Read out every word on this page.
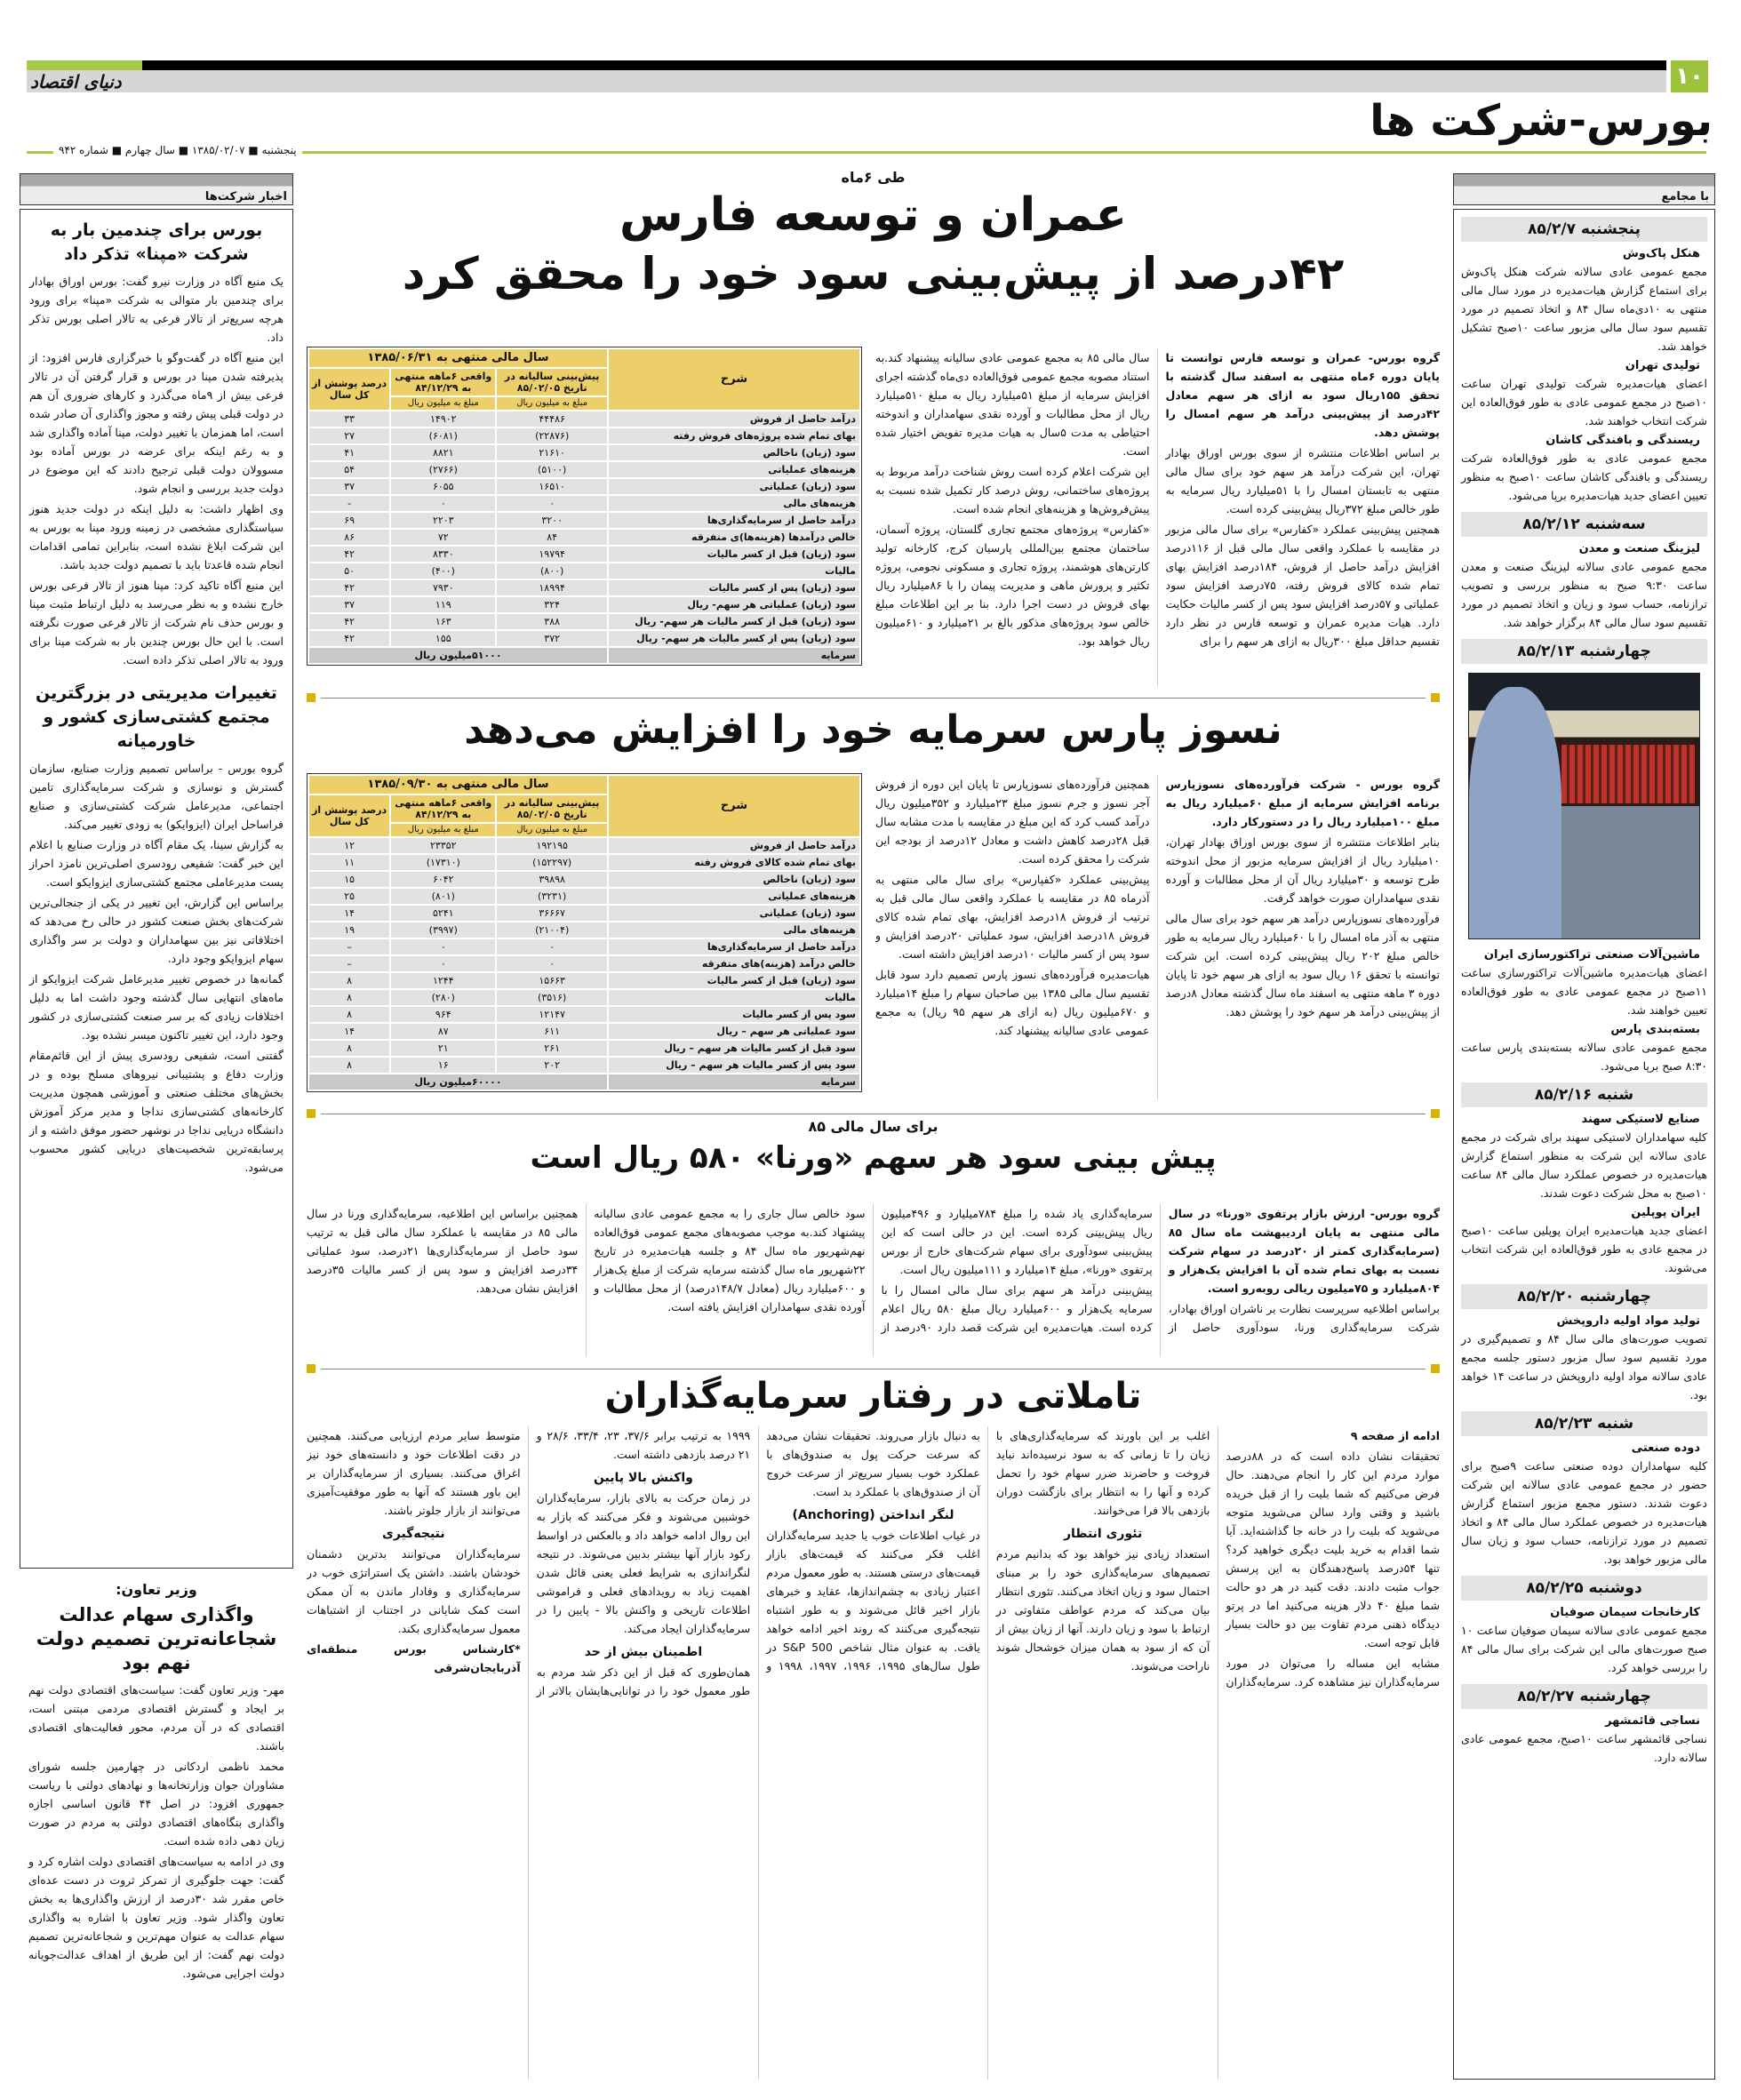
۱۰
دنیای اقتصاد
بورس-شرکت ها
پنجشنبه ■ ۱۳۸۵/۰۲/۰۷ ■ سال چهارم ■ شماره ۹۴۲
با مجامع
پنجشنبه ۸۵/۲/۷
هنکل پاک‌وش
مجمع عمومی عادی سالانه شرکت هنکل پاک‌وش برای استماع گزارش هیات‌مدیره در مورد سال مالی منتهی به ۱۰دی‌ماه سال ۸۴ و اتخاذ تصمیم در مورد تقسیم سود سال مالی مزبور ساعت ۱۰صبح تشکیل خواهد شد.
تولیدی تهران
اعضای هیات‌مدیره شرکت تولیدی تهران ساعت ۱۰صبح در مجمع عمومی عادی به طور فوق‌العاده این شرکت انتخاب خواهند شد.
ریسندگی و بافندگی کاشان
مجمع عمومی عادی به طور فوق‌العاده شرکت ریسندگی و بافندگی کاشان ساعت ۱۰صبح به منظور تعیین اعضای جدید هیات‌مدیره برپا می‌شود.
سه‌شنبه ۸۵/۲/۱۲
لیزینگ صنعت و معدن
مجمع عمومی عادی سالانه لیزینگ صنعت و معدن ساعت ۹:۳۰ صبح به منظور بررسی و تصویب ترازنامه، حساب سود و زیان و اتخاذ تصمیم در مورد تقسیم سود سال مالی ۸۴ برگزار خواهد شد.
چهارشنبه ۸۵/۲/۱۳
ماشین‌آلات صنعتی تراکتورسازی ایران
اعضای هیات‌مدیره ماشین‌آلات تراکتورسازی ساعت ۱۱صبح در مجمع عمومی عادی به طور فوق‌العاده تعیین خواهند شد.
بسته‌بندی پارس
مجمع عمومی عادی سالانه بسته‌بندی پارس ساعت ۸:۳۰ صبح برپا می‌شود.
شنبه ۸۵/۲/۱۶
صنایع لاستیکی سهند
کلیه سهامداران لاستیکی سهند برای شرکت در مجمع عادی سالانه این شرکت به منظور استماع گزارش هیات‌مدیره در خصوص عملکرد سال مالی ۸۴ ساعت ۱۰صبح به محل شرکت دعوت شدند.
ایران پوپلین
اعضای جدید هیات‌مدیره ایران پوپلین ساعت ۱۰صبح در مجمع عادی به طور فوق‌العاده این شرکت انتخاب می‌شوند.
چهارشنبه ۸۵/۲/۲۰
تولید مواد اولیه داروپخش
تصویب صورت‌های مالی سال ۸۴ و تصمیم‌گیری در مورد تقسیم سود سال مزبور دستور جلسه مجمع عادی سالانه مواد اولیه داروپخش در ساعت ۱۴ خواهد بود.
شنبه ۸۵/۲/۲۳
دوده صنعتی
کلیه سهامداران دوده صنعتی ساعت ۹صبح برای حضور در مجمع عمومی عادی سالانه این شرکت دعوت شدند. دستور مجمع مزبور استماع گزارش هیات‌مدیره در خصوص عملکرد سال مالی ۸۴ و اتخاذ تصمیم در مورد ترازنامه، حساب سود و زیان سال مالی مزبور خواهد بود.
دوشنبه ۸۵/۲/۲۵
کارخانجات سیمان صوفیان
مجمع عمومی عادی سالانه سیمان صوفیان ساعت ۱۰ صبح صورت‌های مالی این شرکت برای سال مالی ۸۴ را بررسی خواهد کرد.
چهارشنبه ۸۵/۲/۲۷
نساجی قائمشهر
نساجی قائمشهر ساعت ۱۰صبح، مجمع عمومی عادی سالانه دارد.
اخبار شرکت‌ها
بورس برای چندمین بار به شرکت «مپنا» تذکر داد
یک منبع آگاه در وزارت نیرو گفت: بورس اوراق بهادار برای چندمین بار متوالی به شرکت «مپنا» برای ورود هرچه سریع‌تر از تالار فرعی به تالار اصلی بورس تذکر داد.
این منبع آگاه در گفت‌وگو با خبرگزاری فارس افزود: از پذیرفته شدن مپنا در بورس و قرار گرفتن آن در تالار فرعی بیش از ۹ماه می‌گذرد و کارهای ضروری آن هم در دولت قبلی پیش رفته و مجوز واگذاری آن صادر شده است، اما همزمان با تغییر دولت، مپنا آماده واگذاری شد و به رغم اینکه برای عرضه در بورس آماده بود مسوولان دولت قبلی ترجیح دادند که این موضوع در دولت جدید بررسی و انجام شود.
وی اظهار داشت: به دلیل اینکه در دولت جدید هنوز سیاستگذاری مشخصی در زمینه ورود مپنا به بورس به این شرکت ابلاغ نشده است، بنابراین تمامی اقدامات انجام شده قاعدتا باید با تصمیم دولت جدید باشد.
این منبع آگاه تاکید کرد: مپنا هنوز از تالار فرعی بورس خارج نشده و به نظر می‌رسد به دلیل ارتباط مثبت مپنا و بورس حذف نام شرکت از تالار فرعی صورت نگرفته است. با این حال بورس چندین بار به شرکت مپنا برای ورود به تالار اصلی تذکر داده است.
تغییرات مدیریتی در بزرگترین مجتمع کشتی‌سازی کشور و خاورمیانه
گروه بورس - براساس تصمیم وزارت صنایع، سازمان گسترش و نوسازی و شرکت سرمایه‌گذاری تامین اجتماعی، مدیرعامل شرکت کشتی‌سازی و صنایع فراساحل ایران (ایزوایکو) به زودی تغییر می‌کند.
به گزارش سینا، یک مقام آگاه در وزارت صنایع با اعلام این خبر گفت: شفیعی رودسری اصلی‌ترین نامزد احراز پست مدیرعاملی مجتمع کشتی‌سازی ایزوایکو است.
براساس این گزارش، این تغییر در یکی از جنجالی‌ترین شرکت‌های بخش صنعت کشور در حالی رخ می‌دهد که اختلافاتی نیز بین سهامداران و دولت بر سر واگذاری سهام ایزوایکو وجود دارد.
گمانه‌ها در خصوص تغییر مدیرعامل شرکت ایزوایکو از ماه‌های انتهایی سال گذشته وجود داشت اما به دلیل اختلافات زیادی که بر سر صنعت کشتی‌سازی در کشور وجود دارد، این تغییر تاکنون میسر نشده بود.
گفتنی است، شفیعی رودسری پیش از این قائم‌مقام وزارت دفاع و پشتیبانی نیروهای مسلح بوده و در بخش‌های مختلف صنعتی و آموزشی همچون مدیریت کارخانه‌های کشتی‌سازی نداجا و مدیر مرکز آموزش دانشگاه دریایی نداجا در نوشهر حضور موفق داشته و از پرسابقه‌ترین شخصیت‌های دریایی کشور محسوب می‌شود.
وزیر تعاون:
واگذاری سهام عدالت شجاعانه‌ترین تصمیم دولت نهم بود
مهر- وزیر تعاون گفت: سیاست‌های اقتصادی دولت نهم بر ایجاد و گسترش اقتصادی مردمی مبتنی است، اقتصادی که در آن مردم، محور فعالیت‌های اقتصادی باشند.
محمد ناظمی اردکانی در چهارمین جلسه شورای مشاوران جوان وزارتخانه‌ها و نهادهای دولتی با ریاست جمهوری افزود: در اصل ۴۴ قانون اساسی اجازه واگذاری بنگاه‌های اقتصادی دولتی به مردم در صورت زیان دهی داده شده است.
وی در ادامه به سیاست‌های اقتصادی دولت اشاره کرد و گفت: جهت جلوگیری از تمرکز ثروت در دست عده‌ای خاص مقرر شد ۳۰درصد از ارزش واگذاری‌ها به بخش تعاون واگذار شود. وزیر تعاون با اشاره به واگذاری سهام عدالت به عنوان مهم‌ترین و شجاعانه‌ترین تصمیم دولت نهم گفت: از این طریق از اهداف عدالت‌جویانه دولت اجرایی می‌شود.
طی ۶ماه
عمران و توسعه فارس
۴۲درصد از پیش‌بینی سود خود را محقق کرد
گروه بورس- عمران و توسعه فارس توانست تا پایان دوره ۶ماه منتهی به اسفند سال گذشته با تحقق ۱۵۵ریال سود به ازای هر سهم معادل ۴۲درصد از پیش‌بینی درآمد هر سهم امسال را پوشش دهد.
بر اساس اطلاعات منتشره از سوی بورس اوراق بهادار تهران، این شرکت درآمد هر سهم خود برای سال مالی منتهی به تابستان امسال را با ۵۱میلیارد ریال سرمایه به طور خالص مبلغ ۳۷۲ریال پیش‌بینی کرده است.
همچنین پیش‌بینی عملکرد «کفارس» برای سال مالی مزبور در مقایسه با عملکرد واقعی سال مالی قبل از ۱۱۶درصد افزایش درآمد حاصل از فروش، ۱۸۴درصد افزایش بهای تمام شده کالای فروش رفته، ۷۵درصد افزایش سود عملیاتی و ۵۷درصد افزایش سود پس از کسر مالیات حکایت دارد. هیات مدیره عمران و توسعه فارس در نظر دارد تقسیم حداقل مبلغ ۳۰۰ریال به ازای هر سهم را برای
سال مالی ۸۵ به مجمع عمومی عادی سالیانه پیشنهاد کند.به استناد مصوبه مجمع عمومی فوق‌العاده دی‌ماه گذشته اجرای افزایش سرمایه از مبلغ ۵۱میلیارد ریال به مبلغ ۵۱۰میلیارد ریال از محل مطالبات و آورده نقدی سهامداران و اندوخته احتیاطی به مدت ۵سال به هیات مدیره تفویض اختیار شده است.
این شرکت اعلام کرده است روش شناخت درآمد مربوط به پروژه‌های ساختمانی، روش درصد کار تکمیل شده نسبت به پیش‌فروش‌ها و هزینه‌های انجام شده است.
«کفارس» پروژه‌های مجتمع تجاری گلستان، پروژه آسمان، ساختمان مجتمع بین‌المللی پارسیان کرج، کارخانه تولید کارتن‌های هوشمند، پروژه تجاری و مسکونی نجومی، پروژه تکثیر و پرورش ماهی و مدیریت پیمان را با ۸۶میلیارد ریال بهای فروش در دست اجرا دارد. بنا بر این اطلاعات مبلغ خالص سود پروژه‌های مذکور بالغ بر ۲۱میلیارد و ۶۱۰میلیون ریال خواهد بود.
شرح	سال مالی منتهی به ۱۳۸۵/۰۶/۳۱		
	پیش‌بینی سالیانه در تاریخ ۸۵/۰۲/۰۵	واقعی ۶ماهه منتهی به ۸۴/۱۲/۲۹	درصد پوشش از کل سال
	مبلغ به میلیون ریال	مبلغ به میلیون ریال	
درآمد حاصل از فروش	۴۴۴۸۶	۱۴۹۰۲	۳۳
بهای تمام شده پروژه‌های فروش رفته	(۲۲۸۷۶)	(۶۰۸۱)	۲۷
سود (زیان) ناخالص	۲۱۶۱۰	۸۸۲۱	۴۱
هزینه‌های عملیاتی	(۵۱۰۰)	(۲۷۶۶)	۵۴
سود (زیان) عملیاتی	۱۶۵۱۰	۶۰۵۵	۳۷
هزینه‌های مالی	۰	۰	-
درآمد حاصل از سرمایه‌گذاری‌ها	۳۲۰۰	۲۲۰۳	۶۹
خالص درآمدها (هزینه‌ها)ی متفرقه	۸۴	۷۲	۸۶
سود (زیان) قبل از کسر مالیات	۱۹۷۹۴	۸۳۳۰	۴۲
مالیات	(۸۰۰)	(۴۰۰)	۵۰
سود (زیان) پس از کسر مالیات	۱۸۹۹۴	۷۹۳۰	۴۲
سود (زیان) عملیاتی هر سهم- ریال	۳۲۴	۱۱۹	۳۷
سود (زیان) قبل از کسر مالیات هر سهم- ریال	۳۸۸	۱۶۳	۴۲
سود (زیان) پس از کسر مالیات هر سهم- ریال	۳۷۲	۱۵۵	۴۲
سرمایه	۵۱۰۰۰میلیون ریال		
نسوز پارس سرمایه خود را افزایش می‌دهد
گروه بورس - شرکت فرآورده‌های نسوزپارس برنامه افزایش سرمایه از مبلغ ۶۰میلیارد ریال به مبلغ ۱۰۰میلیارد ریال را در دستورکار دارد.
بنابر اطلاعات منتشره از سوی بورس اوراق بهادار تهران، ۱۰میلیارد ریال از افزایش سرمایه مزبور از محل اندوخته طرح توسعه و ۳۰میلیارد ریال آن از محل مطالبات و آورده نقدی سهامداران صورت خواهد گرفت.
فرآورده‌های نسوزپارس درآمد هر سهم خود برای سال مالی منتهی به آذر ماه امسال را با ۶۰میلیارد ریال سرمایه به طور خالص مبلغ ۲۰۲ ریال پیش‌بینی کرده است. این شرکت توانسته با تحقق ۱۶ ریال سود به ازای هر سهم خود تا پایان دوره ۳ ماهه منتهی به اسفند ماه سال گذشته معادل ۸درصد از پیش‌بینی درآمد هر سهم خود را پوشش دهد.
همچنین فرآورده‌های نسوزپارس تا پایان این دوره از فروش آجر نسوز و جرم نسوز مبلغ ۲۳میلیارد و ۳۵۲میلیون ریال درآمد کسب کرد که این مبلغ در مقایسه با مدت مشابه سال قبل ۲۸درصد کاهش داشت و معادل ۱۲درصد از بودجه این شرکت را محقق کرده است.
پیش‌بینی عملکرد «کفپارس» برای سال مالی منتهی به آذرماه ۸۵ در مقایسه با عملکرد واقعی سال مالی قبل به ترتیب از فروش ۱۸درصد افزایش، بهای تمام شده کالای فروش ۱۸درصد افزایش، سود عملیاتی ۲۰درصد افزایش و سود پس از کسر مالیات ۱۰درصد افزایش داشته است.
هیات‌مدیره فرآورده‌های نسوز پارس تصمیم دارد سود قابل تقسیم سال مالی ۱۳۸۵ بین صاحبان سهام را مبلغ ۱۴میلیارد و ۶۷۰میلیون ریال (به ازای هر سهم ۹۵ ریال) به مجمع عمومی عادی سالیانه پیشنهاد کند.
شرح	سال مالی منتهی به ۱۳۸۵/۰۹/۳۰		
	پیش‌بینی سالیانه در تاریخ ۸۵/۰۲/۰۵	واقعی ۶ماهه منتهی به ۸۴/۱۲/۲۹	درصد پوشش از کل سال
	مبلغ به میلیون ریال	مبلغ به میلیون ریال	
درآمد حاصل از فروش	۱۹۲۱۹۵	۲۳۳۵۲	۱۲
بهای تمام شده کالای فروش رفته	(۱۵۲۲۹۷)	(۱۷۳۱۰)	۱۱
سود (زیان) ناخالص	۳۹۸۹۸	۶۰۴۲	۱۵
هزینه‌های عملیاتی	(۳۲۳۱)	(۸۰۱)	۲۵
سود (زیان) عملیاتی	۳۶۶۶۷	۵۲۴۱	۱۴
هزینه‌های مالی	(۲۱۰۰۴)	(۳۹۹۷)	۱۹
درآمد حاصل از سرمایه‌گذاری‌ها	۰	۰	–
خالص درآمد (هزینه)های متفرقه	۰	۰	–
سود (زیان) قبل از کسر مالیات	۱۵۶۶۳	۱۲۴۴	۸
مالیات	(۳۵۱۶)	(۲۸۰)	۸
سود پس از کسر مالیات	۱۲۱۴۷	۹۶۴	۸
سود عملیاتی هر سهم – ریال	۶۱۱	۸۷	۱۴
سود قبل از کسر مالیات هر سهم – ریال	۲۶۱	۲۱	۸
سود پس از کسر مالیات هر سهم – ریال	۲۰۲	۱۶	۸
سرمایه	۶۰۰۰۰میلیون ریال		
برای سال مالی ۸۵
پیش بینی سود هر سهم «ورنا» ۵۸۰ ریال است
گروه بورس- ارزش بازار پرتفوی «ورنا» در سال مالی منتهی به پایان اردیبهشت ماه سال ۸۵ (سرمایه‌گذاری کمتر از ۲۰درصد در سهام شرکت نسبت به بهای تمام شده آن با افزایش یک‌هزار و ۸۰۴میلیارد و ۷۵میلیون ریالی روبه‌رو است.
براساس اطلاعیه سرپرست نظارت بر ناشران اوراق بهادار، شرکت سرمایه‌گذاری ورنا، سودآوری حاصل از سرمایه‌گذاری یاد شده را مبلغ ۷۸۴میلیارد و ۴۹۶میلیون ریال پیش‌بینی کرده است. این در حالی است که این پیش‌بینی سودآوری برای سهام شرکت‌های خارج از بورس پرتفوی «ورنا»، مبلغ ۱۴میلیارد و ۱۱۱میلیون ریال است.
پیش‌بینی درآمد هر سهم برای سال مالی امسال را با سرمایه یک‌هزار و ۶۰۰میلیارد ریال مبلغ ۵۸۰ ریال اعلام کرده است. هیات‌مدیره این شرکت قصد دارد ۹۰درصد از سود خالص سال جاری را به مجمع عمومی عادی سالیانه پیشنهاد کند.به موجب مصوبه‌های مجمع عمومی فوق‌العاده نهم‌شهریور ماه سال ۸۴ و جلسه هیات‌مدیره در تاریخ ۲۲شهریور ماه سال گذشته سرمایه شرکت از مبلغ یک‌هزار و ۶۰۰میلیارد ریال (معادل ۱۴۸/۷درصد) از محل مطالبات و آورده نقدی سهامداران افزایش یافته است.
همچنین براساس این اطلاعیه، سرمایه‌گذاری ورنا در سال مالی ۸۵ در مقایسه با عملکرد سال مالی قبل به ترتیب سود حاصل از سرمایه‌گذاری‌ها ۲۱درصد، سود عملیاتی ۳۴درصد افزایش و سود پس از کسر مالیات ۳۵درصد افزایش نشان می‌دهد.
تاملاتی در رفتار سرمایه‌گذاران
ادامه از صفحه ۹
تحقیقات نشان داده است که در ۸۸درصد موارد مردم این کار را انجام می‌دهند. حال فرض می‌کنیم که شما بلیت را از قبل خریده باشید و وقتی وارد سالن می‌شوید متوجه می‌شوید که بلیت را در خانه جا گذاشته‌اید. آیا شما اقدام به خرید بلیت دیگری خواهید کرد؟ تنها ۵۴درصد پاسخ‌دهندگان به این پرسش جواب مثبت دادند. دقت کنید در هر دو حالت شما مبلغ ۴۰ دلار هزینه می‌کنید اما در پرتو دیدگاه ذهنی مردم تفاوت بین دو حالت بسیار قابل توجه است.
مشابه این مساله را می‌توان در مورد سرمایه‌گذاران نیز مشاهده کرد. سرمایه‌گذاران اغلب بر این باورند که سرمایه‌گذاری‌های با زیان را تا زمانی که به سود نرسیده‌اند نباید فروخت و حاضرند ضرر سهام خود را تحمل کرده و آنها را به انتظار برای بازگشت دوران بازدهی بالا فرا می‌خوانند.
تئوری انتظار
استعداد زیادی نیز خواهد بود که بدانیم مردم تصمیم‌های سرمایه‌گذاری خود را بر مبنای احتمال سود و زیان اتخاذ می‌کنند. تئوری انتظار بیان می‌کند که مردم عواطف متفاوتی در ارتباط با سود و زیان دارند. آنها از زیان بیش از آن که از سود به همان میزان خوشحال شوند ناراحت می‌شوند.
به دنبال بازار می‌روند. تحقیقات نشان می‌دهد که سرعت حرکت پول به صندوق‌های با عملکرد خوب بسیار سریع‌تر از سرعت خروج آن از صندوق‌های با عملکرد بد است.
لنگر انداختن (Anchoring)
در غیاب اطلاعات خوب یا جدید سرمایه‌گذاران اغلب فکر می‌کنند که قیمت‌های بازار قیمت‌های درستی هستند. به طور معمول مردم اعتبار زیادی به چشم‌اندازها، عقاید و خبرهای بازار اخیر قائل می‌شوند و به طور اشتباه نتیجه‌گیری می‌کنند که روند اخیر ادامه خواهد یافت. به عنوان مثال شاخص S&P 500 در طول سال‌های ۱۹۹۵، ۱۹۹۶، ۱۹۹۷، ۱۹۹۸ و ۱۹۹۹ به ترتیب برابر ۳۷/۶، ۲۳، ۳۳/۴، ۲۸/۶ و ۲۱ درصد بازدهی داشته است.
واکنش بالا پایین
در زمان حرکت به بالای بازار، سرمایه‌گذاران خوشبین می‌شوند و فکر می‌کنند که بازار به این روال ادامه خواهد داد و بالعکس در اواسط رکود بازار آنها بیشتر بدبین می‌شوند. در نتیجه لنگراندازی به شرایط فعلی یعنی قائل شدن اهمیت زیاد به رویدادهای فعلی و فراموشی اطلاعات تاریخی و واکنش بالا - پایین را در سرمایه‌گذاران ایجاد می‌کند.
اطمینان بیش از حد
همان‌طوری که قبل از این ذکر شد مردم به طور معمول خود را در توانایی‌هایشان بالاتر از متوسط سایر مردم ارزیابی می‌کنند. همچنین در دقت اطلاعات خود و دانسته‌های خود نیز اغراق می‌کنند. بسیاری از سرمایه‌گذاران بر این باور هستند که آنها به طور موفقیت‌آمیزی می‌توانند از بازار جلوتر باشند.
نتیجه‌گیری
سرمایه‌گذاران می‌توانند بدترین دشمنان خودشان باشند. داشتن یک استراتژی خوب در سرمایه‌گذاری و وفادار ماندن به آن ممکن است کمک شایانی در اجتناب از اشتباهات معمول سرمایه‌گذاری بکند.
*کارشناس بورس منطقه‌ای آذربایجان‌شرقی
